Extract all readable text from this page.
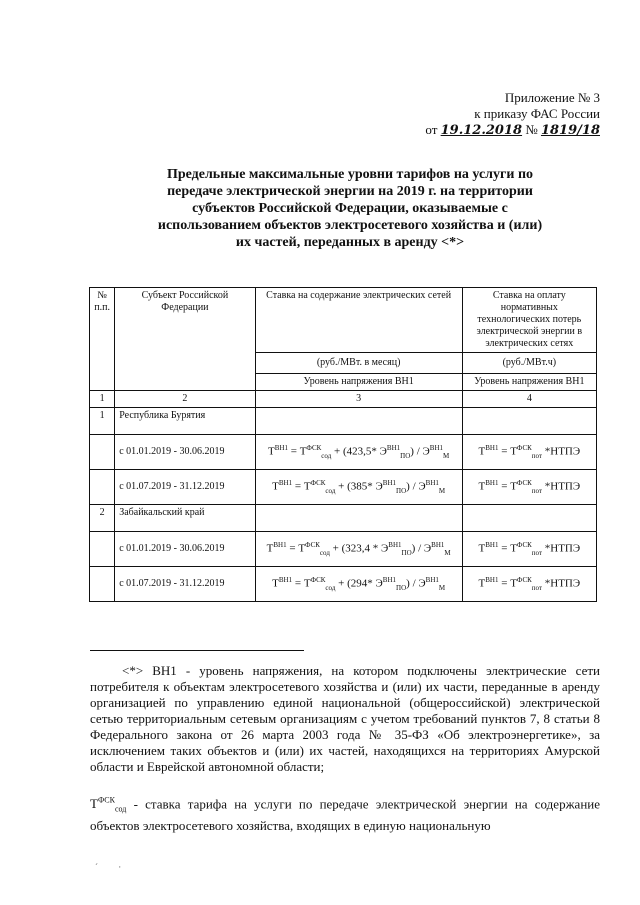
Приложение № 3
к приказу ФАС России
от 19.12.2018 № 1819/18
Предельные максимальные уровни тарифов на услуги по передаче электрической энергии на 2019 г. на территории субъектов Российской Федерации, оказываемые с использованием объектов электросетевого хозяйства и (или) их частей, переданных в аренду <*>
№ п.п.	Субъект Российской Федерации	Ставка на содержание электрических сетей	Ставка на оплату нормативных технологических потерь электрической энергии в электрических сетях
		(руб./МВт. в месяц)	(руб./МВт.ч)
		Уровень напряжения ВН1	Уровень напряжения ВН1
1	2	3	4
1	Республика Бурятия		
	с 01.01.2019 - 30.06.2019	$T^{ВН1} = T^{ФСК}_{сод} + (423,5*$ $Э^{ВН1}_{ПО}) / Э^{ВН1}_М$	$T^{ВН1} = T^{ФСК}_{пот}$ *НТПЭ
	с 01.07.2019 - 31.12.2019	$T^{ВН1} = T^{ФСК}_{сод} + (385*$ $Э^{ВН1}_{ПО}) / Э^{ВН1}_М$	$T^{ВН1} = T^{ФСК}_{пот}$ *НТПЭ
2	Забайкальский край		
	с 01.01.2019 - 30.06.2019	$T^{ВН1} = T^{ФСК}_{сод} + (323,4 * Э^{ВН1}_{ПО}) / Э^{ВН1}_М$	$T^{ВН1} = T^{ФСК}_{пот}$ *НТПЭ
	с 01.07.2019 - 31.12.2019	$T^{ВН1} = T^{ФСК}_{сод} + (294*$ $Э^{ВН1}_{ПО}) / Э^{ВН1}_М$	$T^{ВН1} = T^{ФСК}_{пот}$ *НТПЭ
<*> ВН1 - уровень напряжения, на котором подключены электрические сети потребителя к объектам электросетевого хозяйства и (или) их части, переданные в аренду организацией по управлению единой национальной (общероссийской) электрической сетью территориальным сетевым организациям с учетом требований пунктов 7, 8 статьи 8 Федерального закона от 26 марта 2003 года № 35-ФЗ «Об электроэнергетике», за исключением таких объектов и (или) их частей, находящихся на территориях Амурской области и Еврейской автономной области;
$T^{ФСК}_{сод}$ - ставка тарифа на услуги по передаче электрической энергии на содержание объектов электросетевого хозяйства, входящих в единую национальную
ˊ         ·
